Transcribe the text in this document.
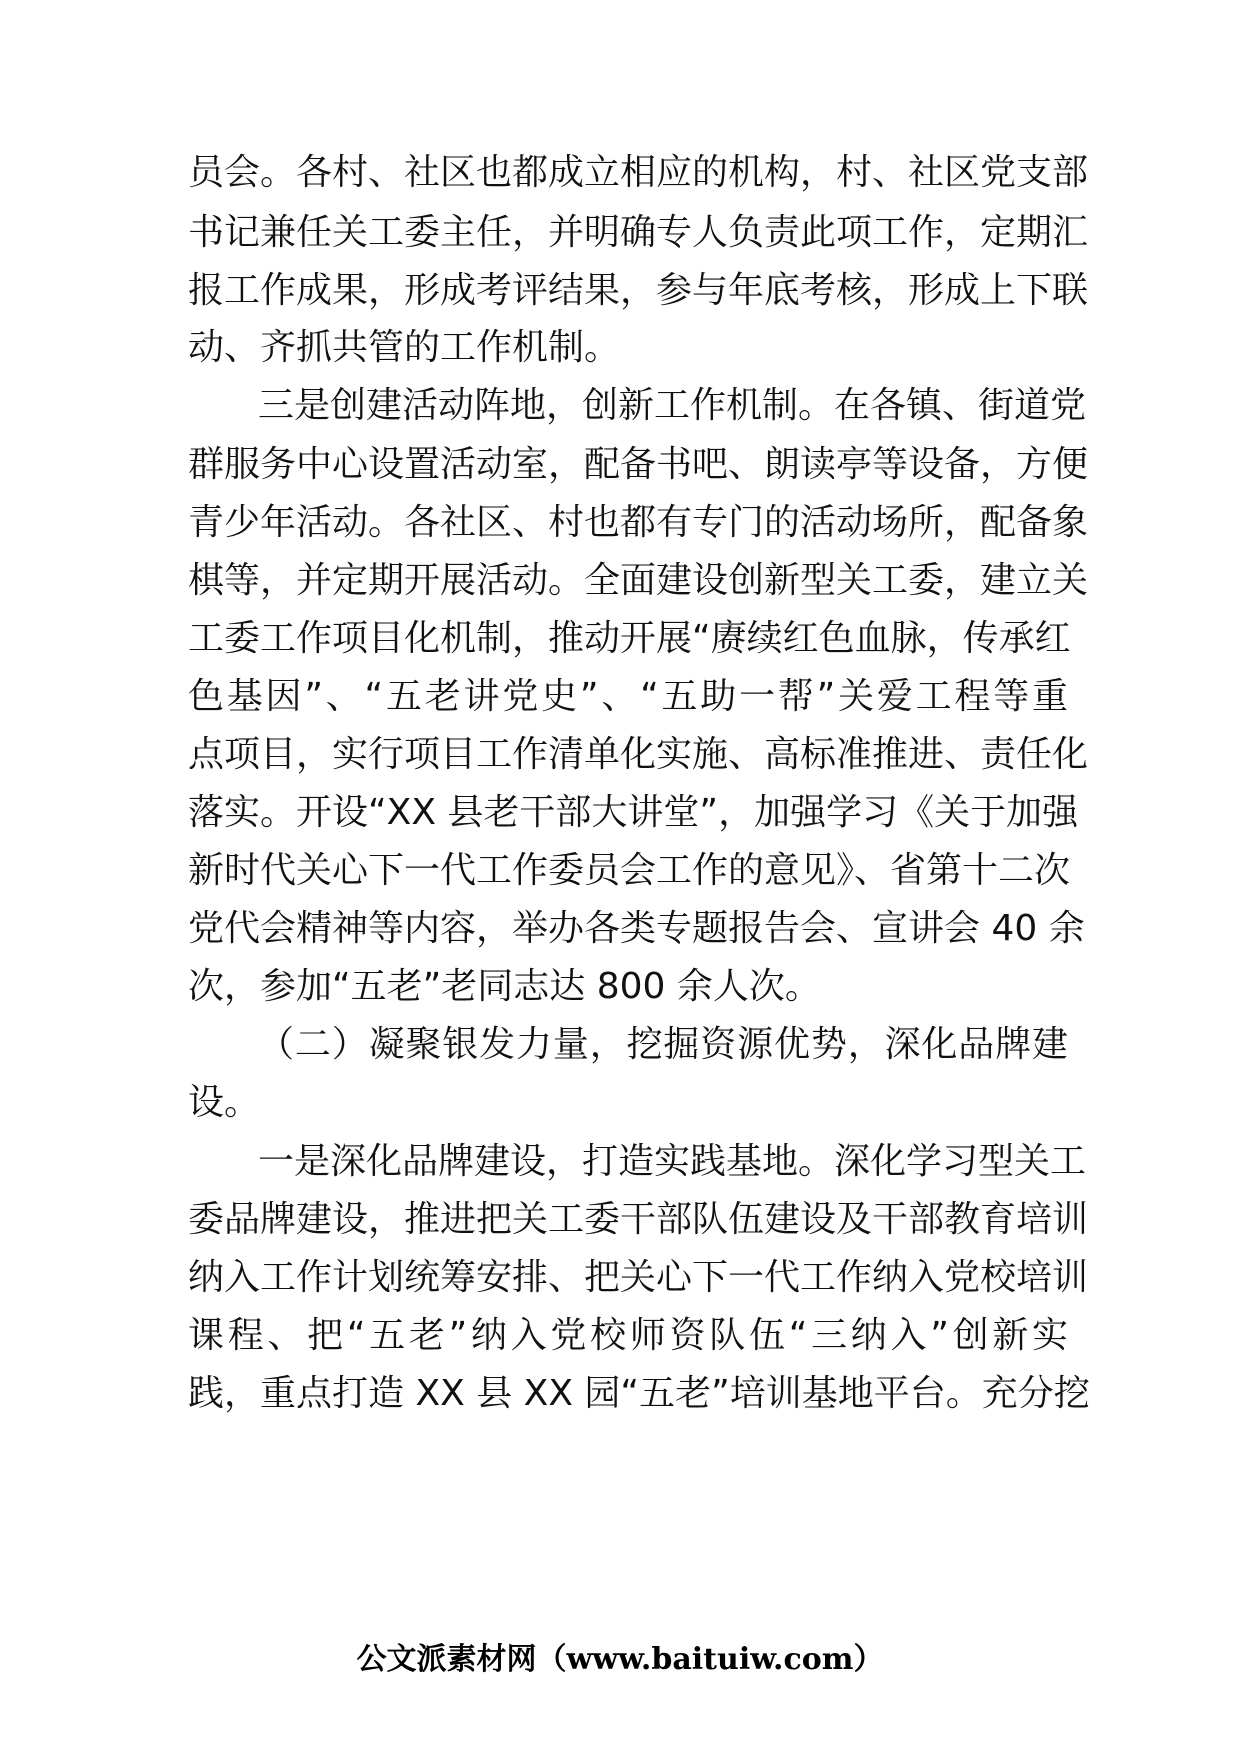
员会。各村、社区也都成立相应的机构，村、社区党支部
书记兼任关工委主任，并明确专人负责此项工作，定期汇
报工作成果，形成考评结果，参与年底考核，形成上下联
动、齐抓共管的工作机制。
三是创建活动阵地，创新工作机制。在各镇、街道党
群服务中心设置活动室，配备书吧、朗读亭等设备，方便
青少年活动。各社区、村也都有专门的活动场所，配备象
棋等，并定期开展活动。全面建设创新型关工委，建立关
工委工作项目化机制，推动开展“赓续红色血脉，传承红
色基因”、“五老讲党史”、“五助一帮”关爱工程等重
点项目，实行项目工作清单化实施、高标准推进、责任化
落实。开设“XX 县老干部大讲堂”，加强学习《关于加强
新时代关心下一代工作委员会工作的意见》、省第十二次
党代会精神等内容，举办各类专题报告会、宣讲会 40 余
次，参加“五老”老同志达 800 余人次。
（二）凝聚银发力量，挖掘资源优势，深化品牌建
设。
一是深化品牌建设，打造实践基地。深化学习型关工
委品牌建设，推进把关工委干部队伍建设及干部教育培训
纳入工作计划统筹安排、把关心下一代工作纳入党校培训
课程、把“五老”纳入党校师资队伍“三纳入”创新实
践，重点打造 XX 县 XX 园“五老”培训基地平台。充分挖
公文派素材网（www.baituiw.com）
